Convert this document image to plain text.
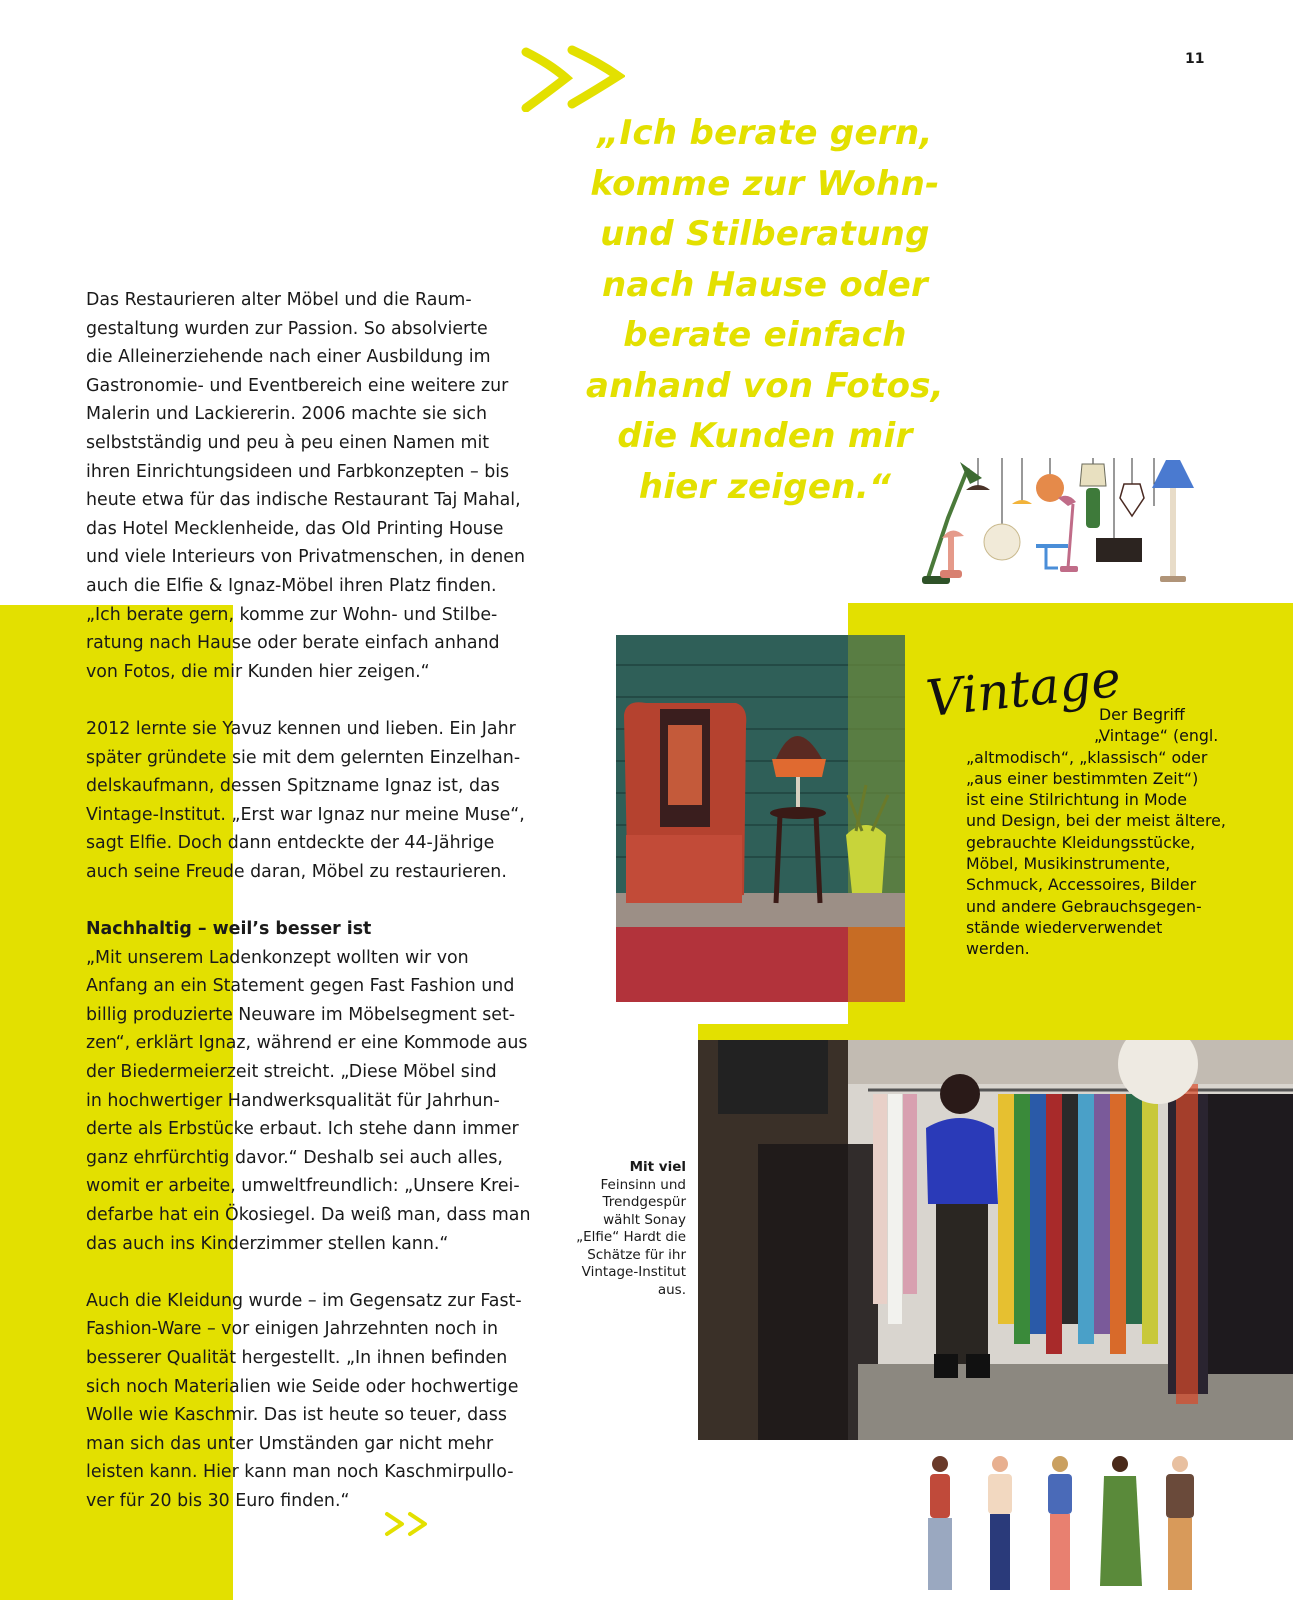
11
„Ich berate gern,
komme zur Wohn-
und Stilberatung
nach Hause oder
berate einfach
anhand von Fotos,
die Kunden mir
hier zeigen.“
Das Restaurieren alter Möbel und die Raum-
gestaltung wurden zur Passion. So absolvierte
die Alleinerziehende nach einer Ausbildung im
Gastronomie- und Eventbereich eine weitere zur
Malerin und Lackiererin. 2006 machte sie sich
selbstständig und peu à peu einen Namen mit
ihren Einrichtungsideen und Farbkonzepten – bis
heute etwa für das indische Restaurant Taj Mahal,
das Hotel Mecklenheide, das Old Printing House
und viele Interieurs von Privatmenschen, in denen
auch die Elfie & Ignaz-Möbel ihren Platz finden.
„Ich berate gern, komme zur Wohn- und Stilbe-
ratung nach Hause oder berate einfach anhand
von Fotos, die mir Kunden hier zeigen.“
2012 lernte sie Yavuz kennen und lieben. Ein Jahr
später gründete sie mit dem gelernten Einzelhan-
delskaufmann, dessen Spitzname Ignaz ist, das
Vintage-Institut. „Erst war Ignaz nur meine Muse“,
sagt Elfie. Doch dann entdeckte der 44-Jährige
auch seine Freude daran, Möbel zu restaurieren.
Nachhaltig – weil’s besser ist
„Mit unserem Ladenkonzept wollten wir von
Anfang an ein Statement gegen Fast Fashion und
billig produzierte Neuware im Möbelsegment set-
zen“, erklärt Ignaz, während er eine Kommode aus
der Biedermeierzeit streicht. „Diese Möbel sind
in hochwertiger Handwerksqualität für Jahrhun-
derte als Erbstücke erbaut. Ich stehe dann immer
ganz ehrfürchtig davor.“ Deshalb sei auch alles,
womit er arbeite, umweltfreundlich: „Unsere Krei-
defarbe hat ein Ökosiegel. Da weiß man, dass man
das auch ins Kinderzimmer stellen kann.“
Auch die Kleidung wurde – im Gegensatz zur Fast-
Fashion-Ware – vor einigen Jahrzehnten noch in
besserer Qualität hergestellt. „In ihnen befinden
sich noch Materialien wie Seide oder hochwertige
Wolle wie Kaschmir. Das ist heute so teuer, dass
man sich das unter Umständen gar nicht mehr
leisten kann. Hier kann man noch Kaschmirpullo-
ver für 20 bis 30 Euro finden.“
Vintage
Der Begriff
„Vintage“ (engl.
„altmodisch“, „klassisch“ oder
„aus einer bestimmten Zeit“)
ist eine Stilrichtung in Mode
und Design, bei der meist ältere,
gebrauchte Kleidungsstücke,
Möbel, Musikinstrumente,
Schmuck, Accessoires, Bilder
und andere Gebrauchsgegen-
stände wiederverwendet
werden.
Mit viel
Feinsinn und
Trendgespür
wählt Sonay
„Elfie“ Hardt die
Schätze für ihr
Vintage-Institut
aus.
